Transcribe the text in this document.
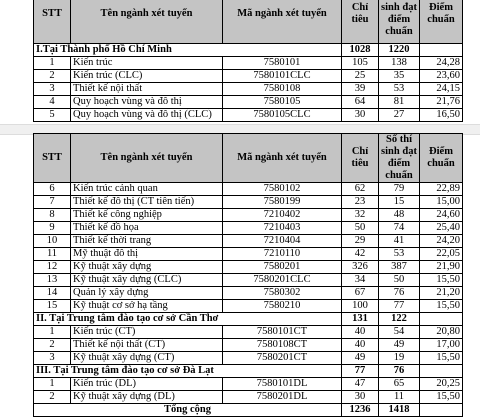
STT	Tên ngành xét tuyển	Mã ngành xét tuyển	Chỉ tiêu	sinh đạt điểm chuẩn	Điểm chuẩn
I.Tại Thành phố Hồ Chí Minh			1028	1220	
1	Kiến trúc	7580101	105	138	24,28
2	Kiến trúc (CLC)	7580101CLC	25	35	23,60
3	Thiết kế nội thất	7580108	39	53	24,15
4	Quy hoạch vùng và đô thị	7580105	64	81	21,76
5	Quy hoạch vùng và đô thị (CLC)	7580105CLC	30	27	16,50
STT	Tên ngành xét tuyển	Mã ngành xét tuyển	Chỉ tiêu	Số thí sinh đạt điểm chuẩn	Điểm chuẩn
6	Kiến trúc cảnh quan	7580102	62	79	22,89
7	Thiết kế đô thị (CT tiên tiến)	7580199	23	15	15,00
8	Thiết kế công nghiệp	7210402	32	48	24,60
9	Thiết kế đồ họa	7210403	50	74	25,40
10	Thiết kế thời trang	7210404	29	41	24,20
11	Mỹ thuật đô thị	7210110	42	53	22,05
12	Kỹ thuật xây dựng	7580201	326	387	21,90
13	Kỹ thuật xây dựng (CLC)	7580201CLC	34	50	15,50
14	Quản lý xây dựng	7580302	67	76	21,20
15	Kỹ thuật cơ sở hạ tầng	7580210	100	77	15,50
II. Tại Trung tâm đào tạo cơ sở Cần Thơ			131	122	
1	Kiến trúc (CT)	7580101CT	40	54	20,80
2	Thiết kế nội thất (CT)	7580108CT	40	49	17,00
3	Kỹ thuật xây dựng (CT)	7580201CT	49	19	15,50
III. Tại Trung tâm đào tạo cơ sở Đà Lạt			77	76	
1	Kiến trúc (DL)	7580101DL	47	65	20,25
2	Kỹ thuật xây dựng (DL)	7580201DL	30	11	15,50
Tổng cộng			1236	1418	
